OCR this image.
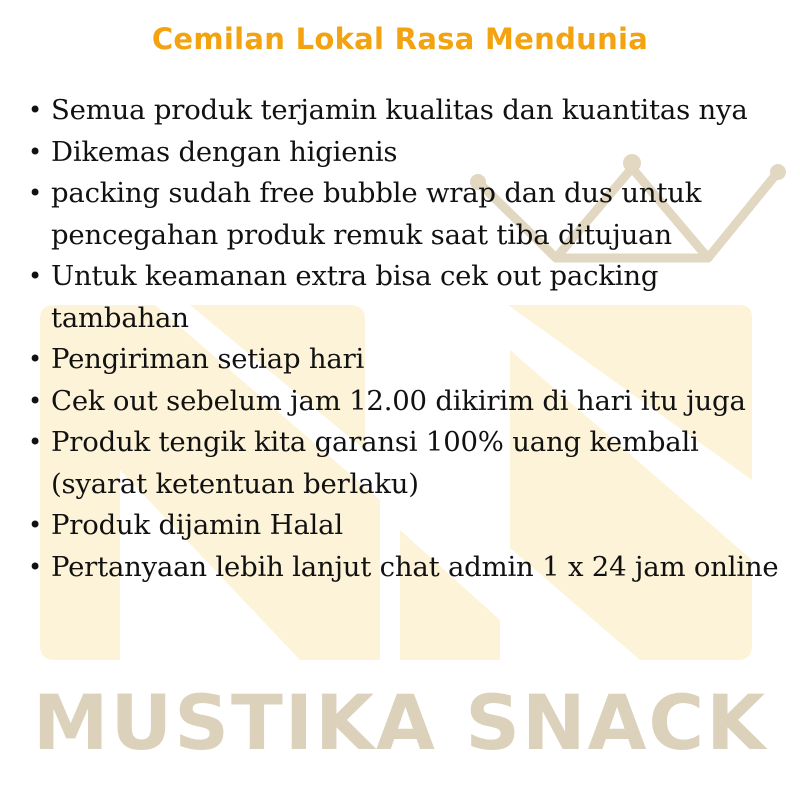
Cemilan Lokal Rasa Mendunia
• Semua produk terjamin kualitas dan kuantitas nya
• Dikemas dengan higienis
• packing sudah free bubble wrap dan dus untuk pencegahan produk remuk saat tiba ditujuan
• Untuk keamanan extra bisa cek out packing tambahan
• Pengiriman setiap hari
• Cek out sebelum jam 12.00 dikirim di hari itu juga
• Produk tengik kita garansi 100% uang kembali (syarat ketentuan berlaku)
• Produk dijamin Halal
• Pertanyaan lebih lanjut chat admin 1 x 24 jam online
MUSTIKA SNACK
